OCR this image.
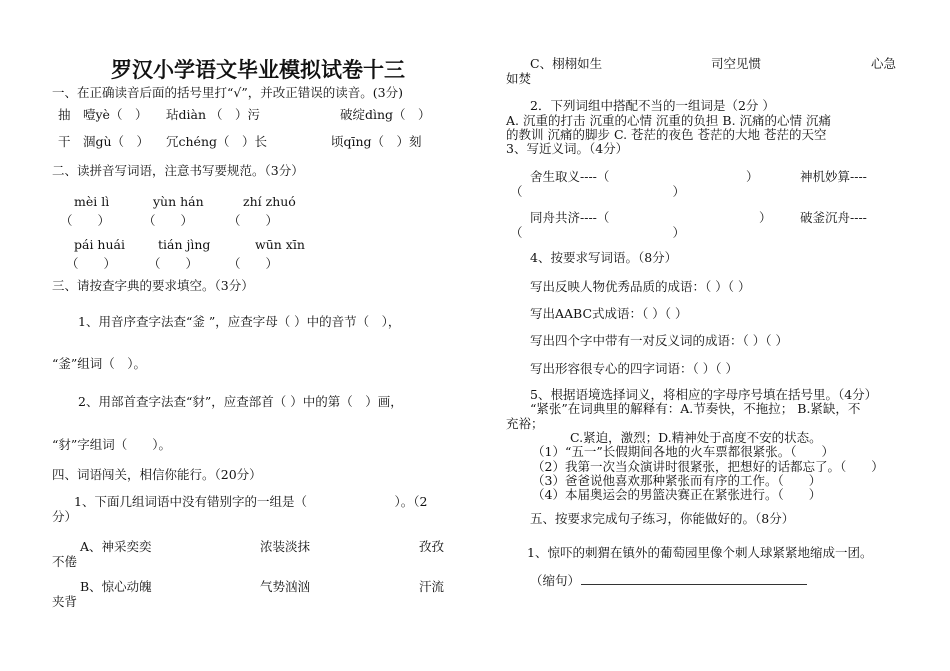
罗汉小学语文毕业模拟试卷十三
一、在正确读音后面的括号里打“√”，并改正错误的读音。(3分)
抽　噎yè（　） 玷diàn （　）污	破绽dìng（　）
干　涸gù（　） 冗chéng（　）长	顷qīng（　）刻
二、读拼音写词语，注意书写要规范。（3分）
mèi lì	yùn hán	zhí zhuó
（　　）	（　　）	（　　）
pái huái	tián jìng	wūn xīn
（　　）	（　　） （　　）
三、请按查字典的要求填空。（3分）
1、用音序查字法查“釜 ”，应查字母（ ）中的音节（　），
“釜”组词（　）。
2、用部首查字法查“豺”，应查部首（ ）中的第（　）画，
“豺”字组词（　　）。
四、词语闯关，相信你能行。（20分）
1、下面几组词语中没有错别字的一组是（　　　　　　　）。（2
分）
A、神采奕奕	浓装淡抹	孜孜
不倦
B、惊心动魄	气势汹汹	汗流
夹背
C、栩栩如生	司空见惯	心急
如焚
2．下列词组中搭配不当的一组词是（2分 ）
A. 沉重的打击 沉重的心情 沉重的负担 B. 沉痛的心情 沉痛
的教训 沉痛的脚步 C. 苍茫的夜色 苍茫的大地 苍茫的天空
3、写近义词。（4分）
舍生取义----（	）	神机妙算----
（　　　　　　　　　　　　）
同舟共济----（	） 破釜沉舟----
（　　　　　　　　　　　　）
4、按要求写词语。（8分）
写出反映人物优秀品质的成语：（ ）（ ）
写出AABC式成语：（ ）（ ）
写出四个字中带有一对反义词的成语：（ ）（ ）
写出形容很专心的四字词语：（ ）（ ）
5、根据语境选择词义，将相应的字母序号填在括号里。（4分）
“紧张”在词典里的解释有：A.节奏快，不拖拉； B.紧缺，不
充裕；
C.紧迫，激烈；D.精神处于高度不安的状态。
（1）“五一”长假期间各地的火车票都很紧张。（　　）
（2）我第一次当众演讲时很紧张，把想好的话都忘了。（　　）
（3）爸爸说他喜欢那种紧张而有序的工作。（　　）
（4）本届奥运会的男篮决赛正在紧张进行。（　　）
五、按要求完成句子练习，你能做好的。（8分）
1、惊吓的刺猬在镇外的葡萄园里像个刺人球紧紧地缩成一团。
（缩句）
